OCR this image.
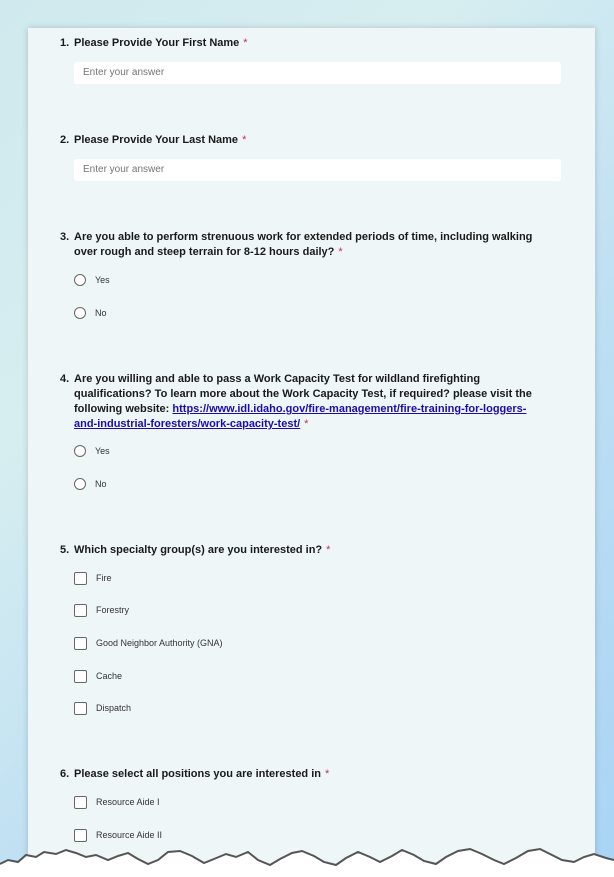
1. Please Provide Your First Name *
Enter your answer
2. Please Provide Your Last Name *
Enter your answer
3. Are you able to perform strenuous work for extended periods of time, including walking
over rough and steep terrain for 8-12 hours daily? *
Yes
No
4. Are you willing and able to pass a Work Capacity Test for wildland firefighting
qualifications? To learn more about the Work Capacity Test, if required? please visit the
following website: https://www.idl.idaho.gov/fire-management/fire-training-for-loggers-
and-industrial-foresters/work-capacity-test/ *
Yes
No
5. Which specialty group(s) are you interested in? *
Fire
Forestry
Good Neighbor Authority (GNA)
Cache
Dispatch
6. Please select all positions you are interested in *
Resource Aide I
Resource Aide II
